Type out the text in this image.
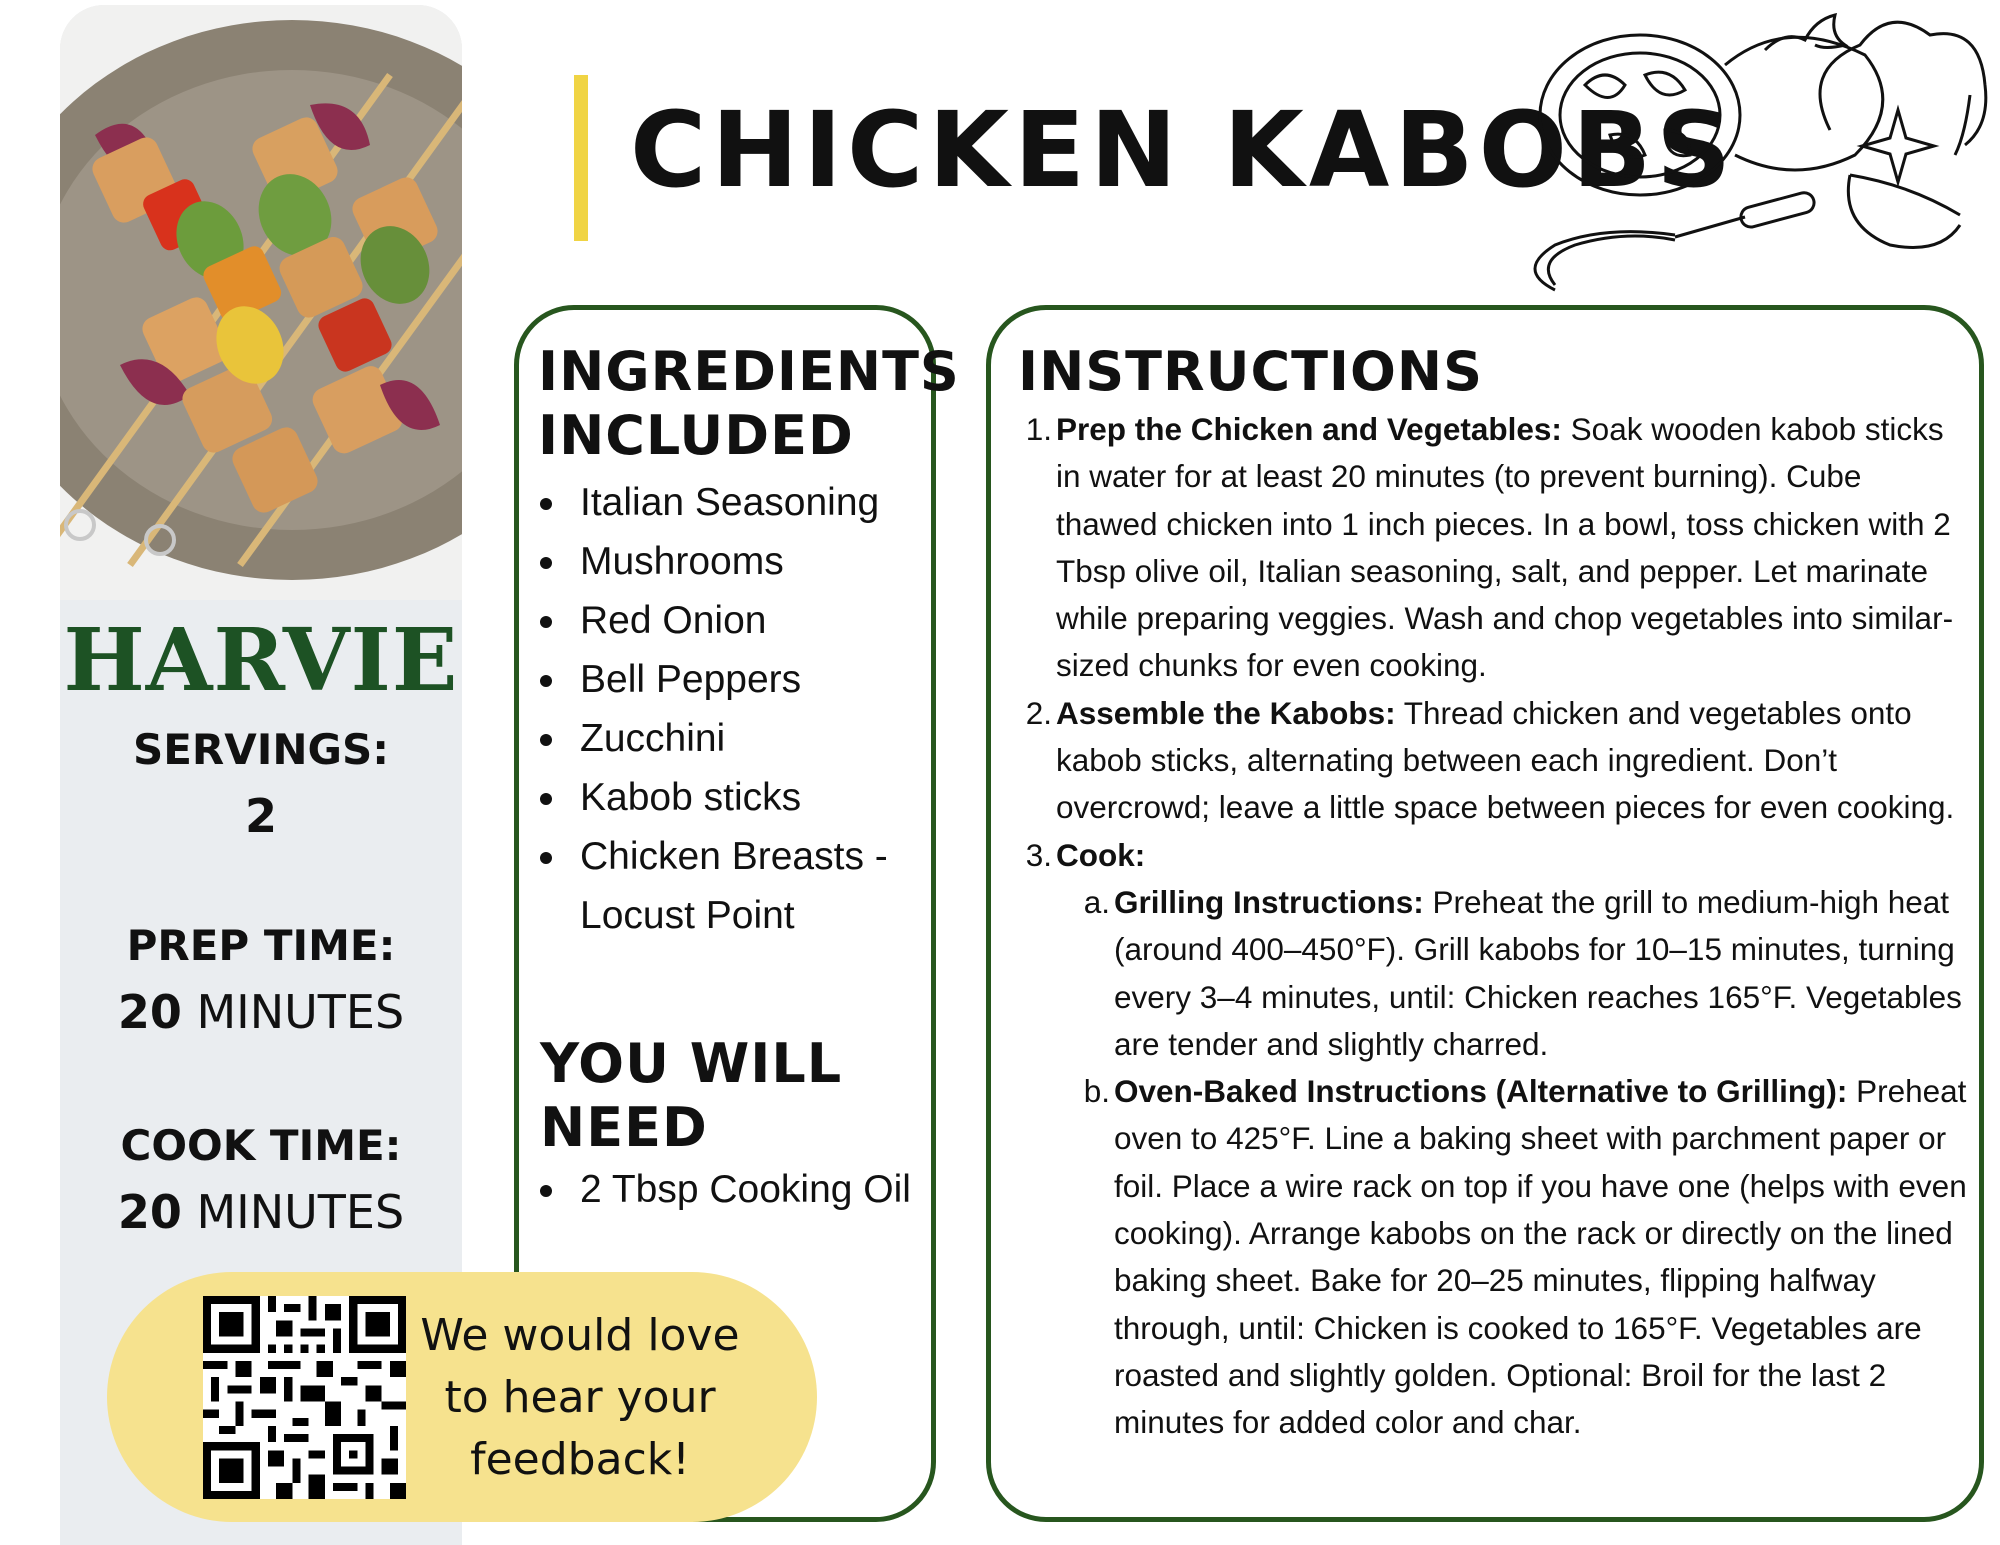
HARVIE
SERVINGS:
2
PREP TIME:
20 MINUTES
COOK TIME:
20 MINUTES
CHICKEN KABOBS
INGREDIENTS
INCLUDED
Italian Seasoning
Mushrooms
Red Onion
Bell Peppers
Zucchini
Kabob sticks
Chicken Breasts -
Locust Point
YOU WILL
NEED
2 Tbsp Cooking Oil
INSTRUCTIONS
1. Prep the Chicken and Vegetables: Soak wooden kabob sticks in water for at least 20 minutes (to prevent burning). Cube thawed chicken into 1 inch pieces. In a bowl, toss chicken with 2 Tbsp olive oil, Italian seasoning, salt, and pepper. Let marinate while preparing veggies. Wash and chop vegetables into similar-sized chunks for even cooking.
2. Assemble the Kabobs: Thread chicken and vegetables onto kabob sticks, alternating between each ingredient. Don’t overcrowd; leave a little space between pieces for even cooking.
3. Cook:
a. Grilling Instructions: Preheat the grill to medium-high heat (around 400–450°F). Grill kabobs for 10–15 minutes, turning every 3–4 minutes, until: Chicken reaches 165°F. Vegetables are tender and slightly charred.
b. Oven-Baked Instructions (Alternative to Grilling): Preheat oven to 425°F. Line a baking sheet with parchment paper or foil. Place a wire rack on top if you have one (helps with even cooking). Arrange kabobs on the rack or directly on the lined baking sheet. Bake for 20–25 minutes, flipping halfway through, until: Chicken is cooked to 165°F. Vegetables are roasted and slightly golden. Optional: Broil for the last 2 minutes for added color and char.
We would love
to hear your
feedback!
